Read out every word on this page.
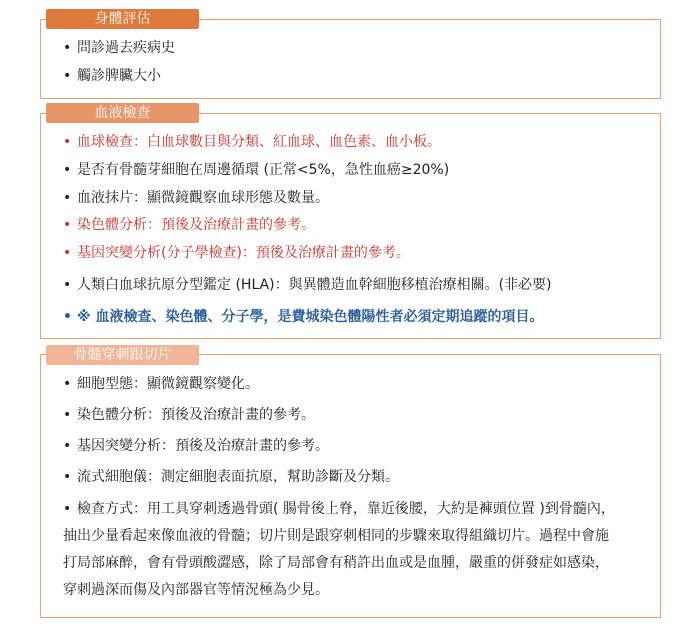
• 問診過去疾病史
• 觸診脾臟大小
身體評估
• 血球檢查：白血球數目與分類、紅血球、血色素、血小板。
• 是否有骨髓芽細胞在周邊循環 (正常<5%，急性血癌≥20%)
• 血液抹片：顯微鏡觀察血球形態及數量。
• 染色體分析：預後及治療計畫的參考。
• 基因突變分析(分子學檢查)：預後及治療計畫的參考。
• 人類白血球抗原分型鑑定 (HLA)：與異體造血幹細胞移植治療相關。(非必要)
• ※ 血液檢查、染色體、分子學，是費城染色體陽性者必須定期追蹤的項目。
血液檢查
• 細胞型態：顯微鏡觀察變化。
• 染色體分析：預後及治療計畫的參考。
• 基因突變分析：預後及治療計畫的參考。
• 流式細胞儀：測定細胞表面抗原，幫助診斷及分類。
• 檢查方式：用工具穿刺透過骨頭( 腸骨後上脊，靠近後腰，大約是褲頭位置 )到骨髓內，抽出少量看起來像血液的骨髓；切片則是跟穿刺相同的步驟來取得組織切片。過程中會施打局部麻醉，會有骨頭酸澀感，除了局部會有稍許出血或是血腫，嚴重的併發症如感染，穿刺過深而傷及內部器官等情況極為少見。
骨髓穿刺跟切片
